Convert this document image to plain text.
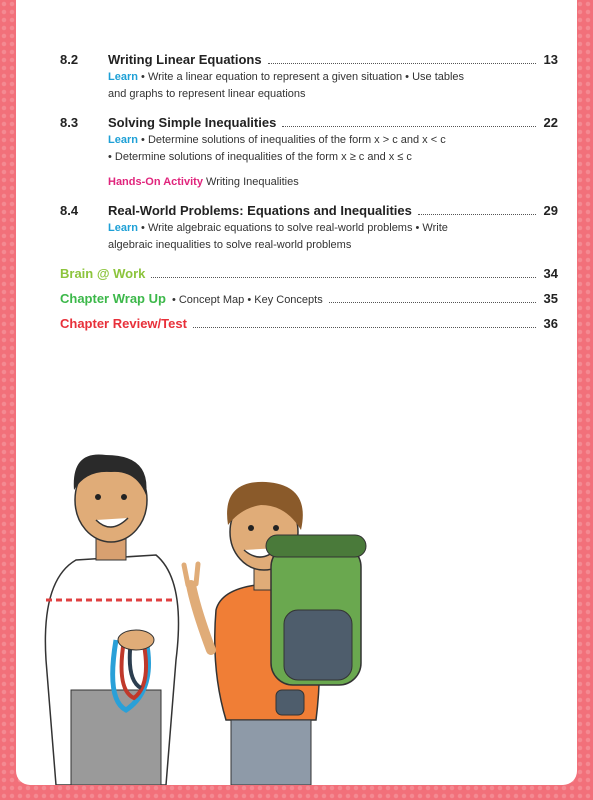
8.2	Writing Linear Equations	13
Learn • Write a linear equation to represent a given situation • Use tables
and graphs to represent linear equations
8.3	Solving Simple Inequalities	22
Learn • Determine solutions of inequalities of the form x > c and x < c
• Determine solutions of inequalities of the form x ≥ c and x ≤ c
Hands-On Activity Writing Inequalities
8.4	Real-World Problems: Equations and Inequalities	29
Learn • Write algebraic equations to solve real-world problems • Write
algebraic inequalities to solve real-world problems
Brain @ Work	34
Chapter Wrap Up • Concept Map • Key Concepts	35
Chapter Review/Test	36
iv
